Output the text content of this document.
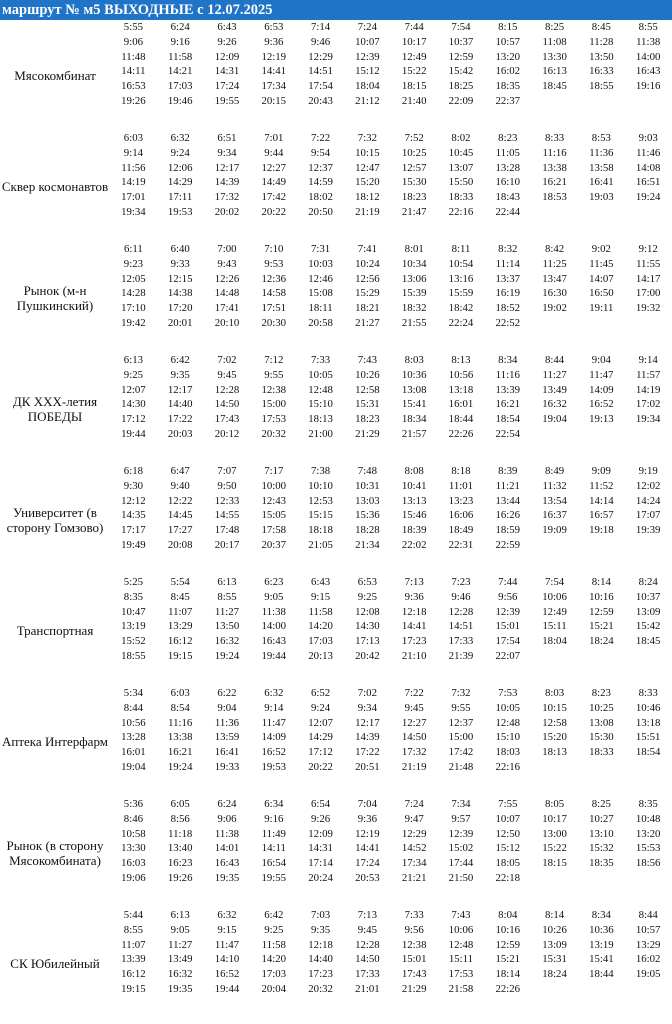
маршрут № м5 ВЫХОДНЫЕ с 12.07.2025
Мясокомбинат
5:55
9:06
11:48
14:11
16:53
19:26
6:24
9:16
11:58
14:21
17:03
19:46
6:43
9:26
12:09
14:31
17:24
19:55
6:53
9:36
12:19
14:41
17:34
20:15
7:14
9:46
12:29
14:51
17:54
20:43
7:24
10:07
12:39
15:12
18:04
21:12
7:44
10:17
12:49
15:22
18:15
21:40
7:54
10:37
12:59
15:42
18:25
22:09
8:15
10:57
13:20
16:02
18:35
22:37
8:25
11:08
13:30
16:13
18:45
8:45
11:28
13:50
16:33
18:55
8:55
11:38
14:00
16:43
19:16
Сквер космонавтов
6:03
9:14
11:56
14:19
17:01
19:34
6:32
9:24
12:06
14:29
17:11
19:53
6:51
9:34
12:17
14:39
17:32
20:02
7:01
9:44
12:27
14:49
17:42
20:22
7:22
9:54
12:37
14:59
18:02
20:50
7:32
10:15
12:47
15:20
18:12
21:19
7:52
10:25
12:57
15:30
18:23
21:47
8:02
10:45
13:07
15:50
18:33
22:16
8:23
11:05
13:28
16:10
18:43
22:44
8:33
11:16
13:38
16:21
18:53
8:53
11:36
13:58
16:41
19:03
9:03
11:46
14:08
16:51
19:24
Рынок (м-н Пушкинский)
6:11
9:23
12:05
14:28
17:10
19:42
6:40
9:33
12:15
14:38
17:20
20:01
7:00
9:43
12:26
14:48
17:41
20:10
7:10
9:53
12:36
14:58
17:51
20:30
7:31
10:03
12:46
15:08
18:11
20:58
7:41
10:24
12:56
15:29
18:21
21:27
8:01
10:34
13:06
15:39
18:32
21:55
8:11
10:54
13:16
15:59
18:42
22:24
8:32
11:14
13:37
16:19
18:52
22:52
8:42
11:25
13:47
16:30
19:02
9:02
11:45
14:07
16:50
19:11
9:12
11:55
14:17
17:00
19:32
ДК XXX-летия ПОБЕДЫ
6:13
9:25
12:07
14:30
17:12
19:44
6:42
9:35
12:17
14:40
17:22
20:03
7:02
9:45
12:28
14:50
17:43
20:12
7:12
9:55
12:38
15:00
17:53
20:32
7:33
10:05
12:48
15:10
18:13
21:00
7:43
10:26
12:58
15:31
18:23
21:29
8:03
10:36
13:08
15:41
18:34
21:57
8:13
10:56
13:18
16:01
18:44
22:26
8:34
11:16
13:39
16:21
18:54
22:54
8:44
11:27
13:49
16:32
19:04
9:04
11:47
14:09
16:52
19:13
9:14
11:57
14:19
17:02
19:34
Университет (в сторону Гомзово)
6:18
9:30
12:12
14:35
17:17
19:49
6:47
9:40
12:22
14:45
17:27
20:08
7:07
9:50
12:33
14:55
17:48
20:17
7:17
10:00
12:43
15:05
17:58
20:37
7:38
10:10
12:53
15:15
18:18
21:05
7:48
10:31
13:03
15:36
18:28
21:34
8:08
10:41
13:13
15:46
18:39
22:02
8:18
11:01
13:23
16:06
18:49
22:31
8:39
11:21
13:44
16:26
18:59
22:59
8:49
11:32
13:54
16:37
19:09
9:09
11:52
14:14
16:57
19:18
9:19
12:02
14:24
17:07
19:39
Транспортная
5:25
8:35
10:47
13:19
15:52
18:55
5:54
8:45
11:07
13:29
16:12
19:15
6:13
8:55
11:27
13:50
16:32
19:24
6:23
9:05
11:38
14:00
16:43
19:44
6:43
9:15
11:58
14:20
17:03
20:13
6:53
9:25
12:08
14:30
17:13
20:42
7:13
9:36
12:18
14:41
17:23
21:10
7:23
9:46
12:28
14:51
17:33
21:39
7:44
9:56
12:39
15:01
17:54
22:07
7:54
10:06
12:49
15:11
18:04
8:14
10:16
12:59
15:21
18:24
8:24
10:37
13:09
15:42
18:45
Аптека Интерфарм
5:34
8:44
10:56
13:28
16:01
19:04
6:03
8:54
11:16
13:38
16:21
19:24
6:22
9:04
11:36
13:59
16:41
19:33
6:32
9:14
11:47
14:09
16:52
19:53
6:52
9:24
12:07
14:29
17:12
20:22
7:02
9:34
12:17
14:39
17:22
20:51
7:22
9:45
12:27
14:50
17:32
21:19
7:32
9:55
12:37
15:00
17:42
21:48
7:53
10:05
12:48
15:10
18:03
22:16
8:03
10:15
12:58
15:20
18:13
8:23
10:25
13:08
15:30
18:33
8:33
10:46
13:18
15:51
18:54
Рынок (в сторону Мясокомбината)
5:36
8:46
10:58
13:30
16:03
19:06
6:05
8:56
11:18
13:40
16:23
19:26
6:24
9:06
11:38
14:01
16:43
19:35
6:34
9:16
11:49
14:11
16:54
19:55
6:54
9:26
12:09
14:31
17:14
20:24
7:04
9:36
12:19
14:41
17:24
20:53
7:24
9:47
12:29
14:52
17:34
21:21
7:34
9:57
12:39
15:02
17:44
21:50
7:55
10:07
12:50
15:12
18:05
22:18
8:05
10:17
13:00
15:22
18:15
8:25
10:27
13:10
15:32
18:35
8:35
10:48
13:20
15:53
18:56
СК Юбилейный
5:44
8:55
11:07
13:39
16:12
19:15
6:13
9:05
11:27
13:49
16:32
19:35
6:32
9:15
11:47
14:10
16:52
19:44
6:42
9:25
11:58
14:20
17:03
20:04
7:03
9:35
12:18
14:40
17:23
20:32
7:13
9:45
12:28
14:50
17:33
21:01
7:33
9:56
12:38
15:01
17:43
21:29
7:43
10:06
12:48
15:11
17:53
21:58
8:04
10:16
12:59
15:21
18:14
22:26
8:14
10:26
13:09
15:31
18:24
8:34
10:36
13:19
15:41
18:44
8:44
10:57
13:29
16:02
19:05
